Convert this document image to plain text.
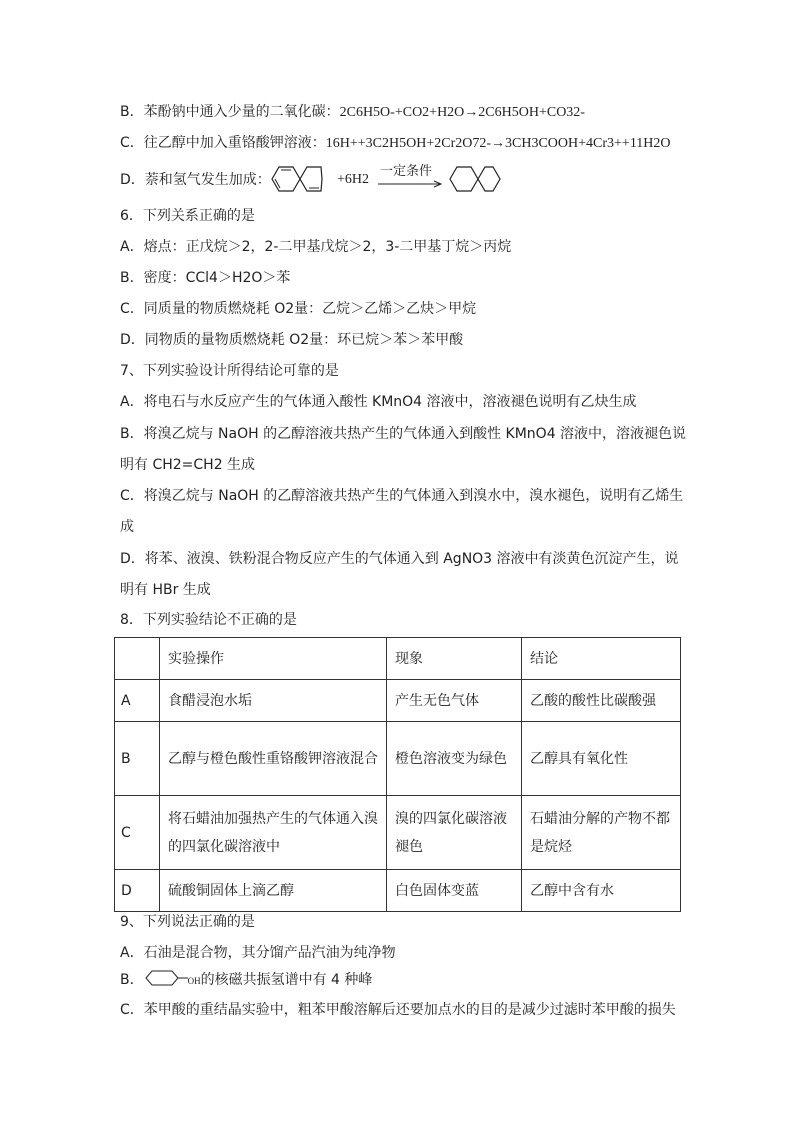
B．苯酚钠中通入少量的二氧化碳：2C6H5O-+CO2+H2O→2C6H5OH+CO32-
C．往乙醇中加入重铬酸钾溶液：16H++3C2H5OH+2Cr2O72-→3CH3COOH+4Cr3++11H2O
D．萘和氢气发生加成：	+6H2
一定条件
6．下列关系正确的是
A．熔点：正戊烷＞2，2-二甲基戊烷＞2，3-二甲基丁烷＞丙烷
B．密度：CCl4＞H2O＞苯
C．同质量的物质燃烧耗 O2量：乙烷＞乙烯＞乙炔＞甲烷
D．同物质的量物质燃烧耗 O2量：环已烷＞苯＞苯甲酸
7、下列实验设计所得结论可靠的是
A．将电石与水反应产生的气体通入酸性 KMnO4 溶液中，溶液褪色说明有乙炔生成
B．将溴乙烷与 NaOH 的乙醇溶液共热产生的气体通入到酸性 KMnO4 溶液中，溶液褪色说
明有 CH2=CH2 生成
C．将溴乙烷与 NaOH 的乙醇溶液共热产生的气体通入到溴水中，溴水褪色，说明有乙烯生
成
D．将苯、液溴、铁粉混合物反应产生的气体通入到 AgNO3 溶液中有淡黄色沉淀产生，说
明有 HBr 生成
8．下列实验结论不正确的是
	实验操作	现象	结论
A	食醋浸泡水垢	产生无色气体	乙酸的酸性比碳酸强
B	乙醇与橙色酸性重铬酸钾溶液混合	橙色溶液变为绿色	乙醇具有氧化性
C	将石蜡油加强热产生的气体通入溴的四氯化碳溶液中	溴的四氯化碳溶液褪色	石蜡油分解的产物不都是烷烃
D	硫酸铜固体上滴乙醇	白色固体变蓝	乙醇中含有水
9、下列说法正确的是
A．石油是混合物，其分馏产品汽油为纯净物
B．	OH的核磁共振氢谱中有 4 种峰
C．苯甲酸的重结晶实验中，粗苯甲酸溶解后还要加点水的目的是减少过滤时苯甲酸的损失
